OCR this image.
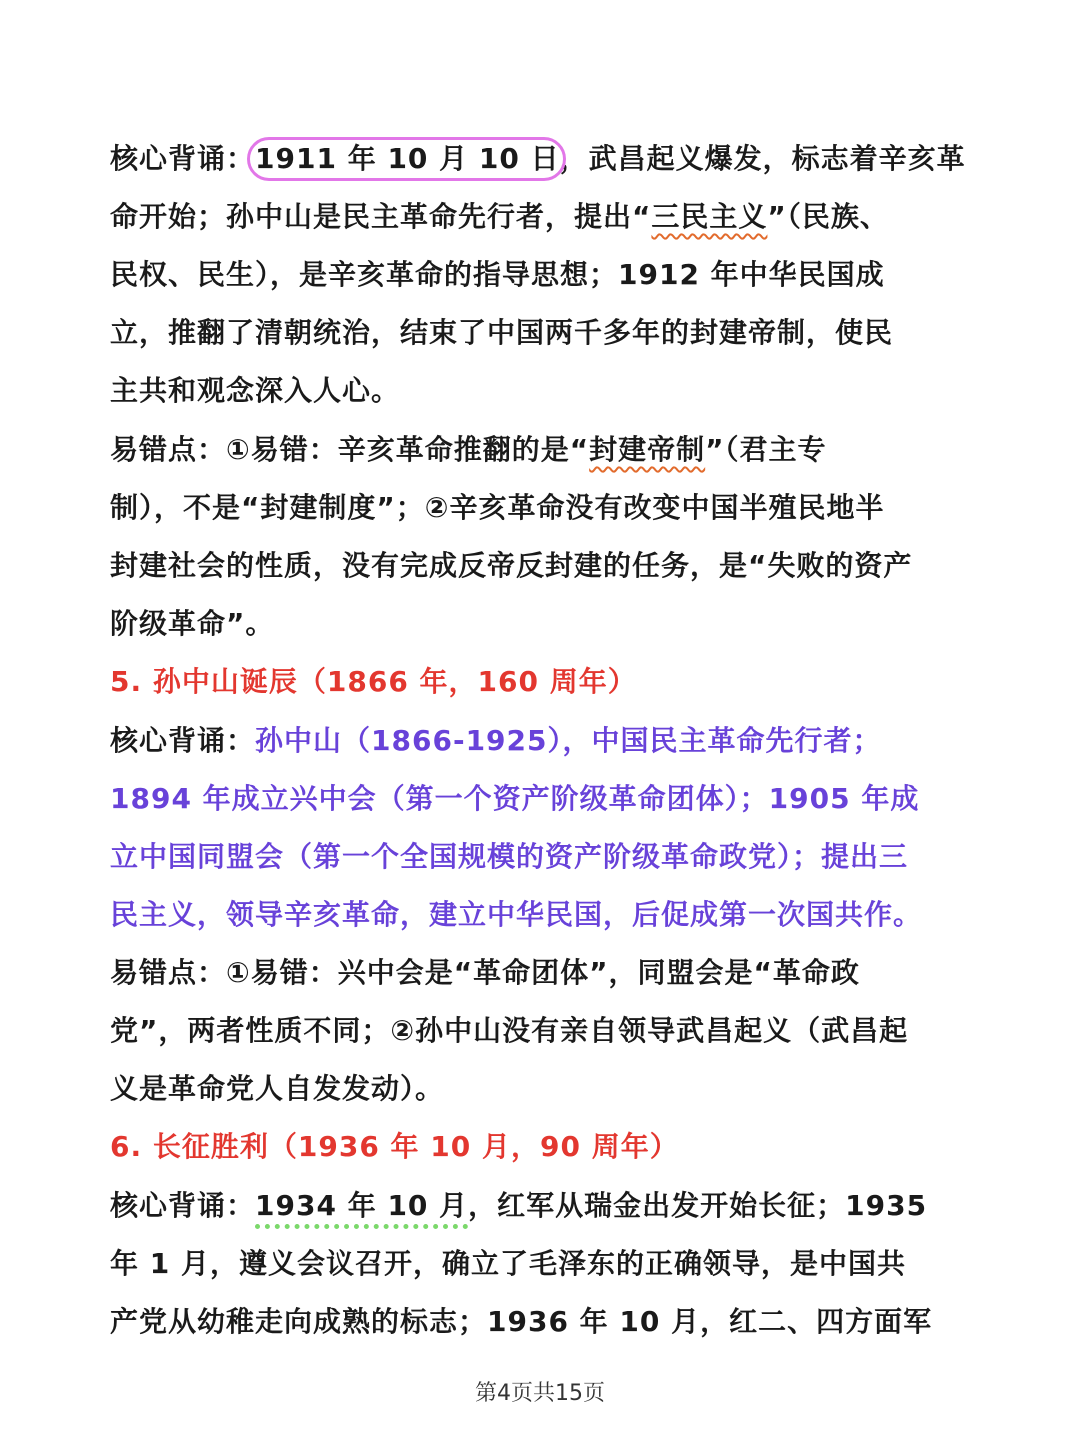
核心背诵：1911 年 10 月 10 日，武昌起义爆发，标志着辛亥革
命开始；孙中山是民主革命先行者，提出“三民主义”（民族、
民权、民生），是辛亥革命的指导思想；1912 年中华民国成
立，推翻了清朝统治，结束了中国两千多年的封建帝制，使民
主共和观念深入人心。
易错点：①易错：辛亥革命推翻的是“封建帝制”（君主专
制），不是“封建制度”；②辛亥革命没有改变中国半殖民地半
封建社会的性质，没有完成反帝反封建的任务，是“失败的资产
阶级革命”。
5. 孙中山诞辰（1866 年，160 周年）
核心背诵：孙中山（1866-1925），中国民主革命先行者；
1894 年成立兴中会（第一个资产阶级革命团体）；1905 年成
立中国同盟会（第一个全国规模的资产阶级革命政党）；提出三
民主义，领导辛亥革命，建立中华民国，后促成第一次国共作。
易错点：①易错：兴中会是“革命团体”，同盟会是“革命政
党”，两者性质不同；②孙中山没有亲自领导武昌起义（武昌起
义是革命党人自发发动）。
6. 长征胜利（1936 年 10 月，90 周年）
核心背诵：1934 年 10 月，红军从瑞金出发开始长征；1935
年 1 月，遵义会议召开，确立了毛泽东的正确领导，是中国共
产党从幼稚走向成熟的标志；1936 年 10 月，红二、四方面军
第4页共15页
